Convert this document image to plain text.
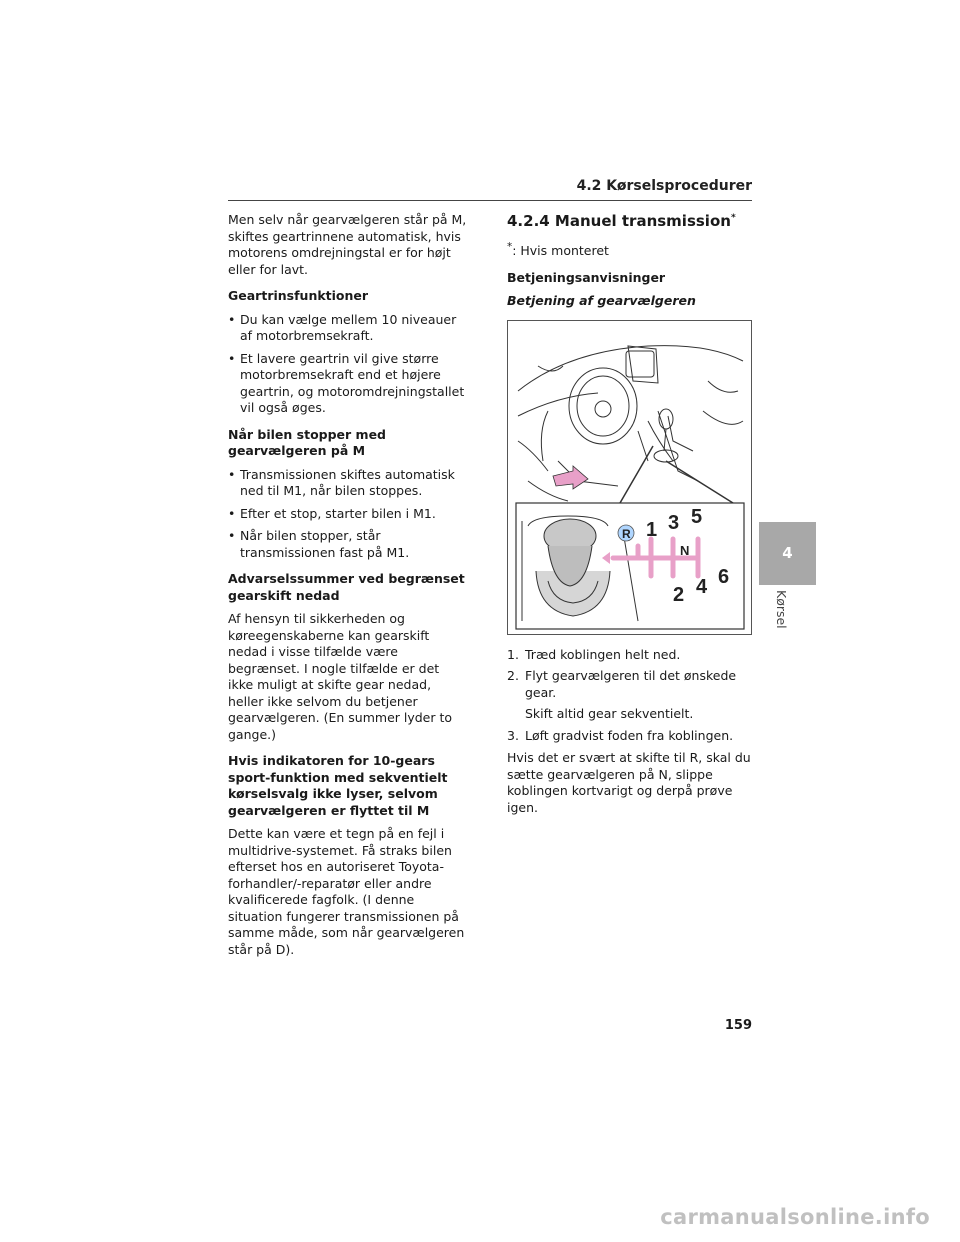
4.2 Kørselsprocedurer

Men selv når gearvælgeren står på M, skiftes geartrinnene automatisk, hvis motorens omdrejningstal er for højt eller for lavt.

Geartrinsfunktioner

• Du kan vælge mellem 10 niveauer af motorbremsekraft.
• Et lavere geartrin vil give større motorbremsekraft end et højere geartrin, og motoromdrejningstallet vil også øges.

Når bilen stopper med gearvælgeren på M

• Transmissionen skiftes automatisk ned til M1, når bilen stoppes.
• Efter et stop, starter bilen i M1.
• Når bilen stopper, står transmissionen fast på M1.

Advarselssummer ved begrænset gearskift nedad

Af hensyn til sikkerheden og køreegenskaberne kan gearskift nedad i visse tilfælde være begrænset. I nogle tilfælde er det ikke muligt at skifte gear nedad, heller ikke selvom du betjener gearvælgeren. (En summer lyder to gange.)

Hvis indikatoren for 10-gears sport-funktion med sekventielt kørselsvalg ikke lyser, selvom gearvælgeren er flyttet til M

Dette kan være et tegn på en fejl i multidrive-systemet. Få straks bilen efterset hos en autoriseret Toyota-forhandler/-reparatør eller andre kvalificerede fagfolk. (I denne situation fungerer transmissionen på samme måde, som når gearvælgeren står på D).

4.2.4 Manuel transmission*

*: Hvis monteret

Betjeningsanvisninger

Betjening af gearvælgeren

R 1 3 5
N
2 4 6
1. Træd koblingen helt ned.
2. Flyt gearvælgeren til det ønskede gear.
Skift altid gear sekventielt.
3. Løft gradvist foden fra koblingen.

Hvis det er svært at skifte til R, skal du sætte gearvælgeren på N, slippe koblingen kortvarigt og derpå prøve igen.

4
Kørsel
159
carmanualsonline.info
